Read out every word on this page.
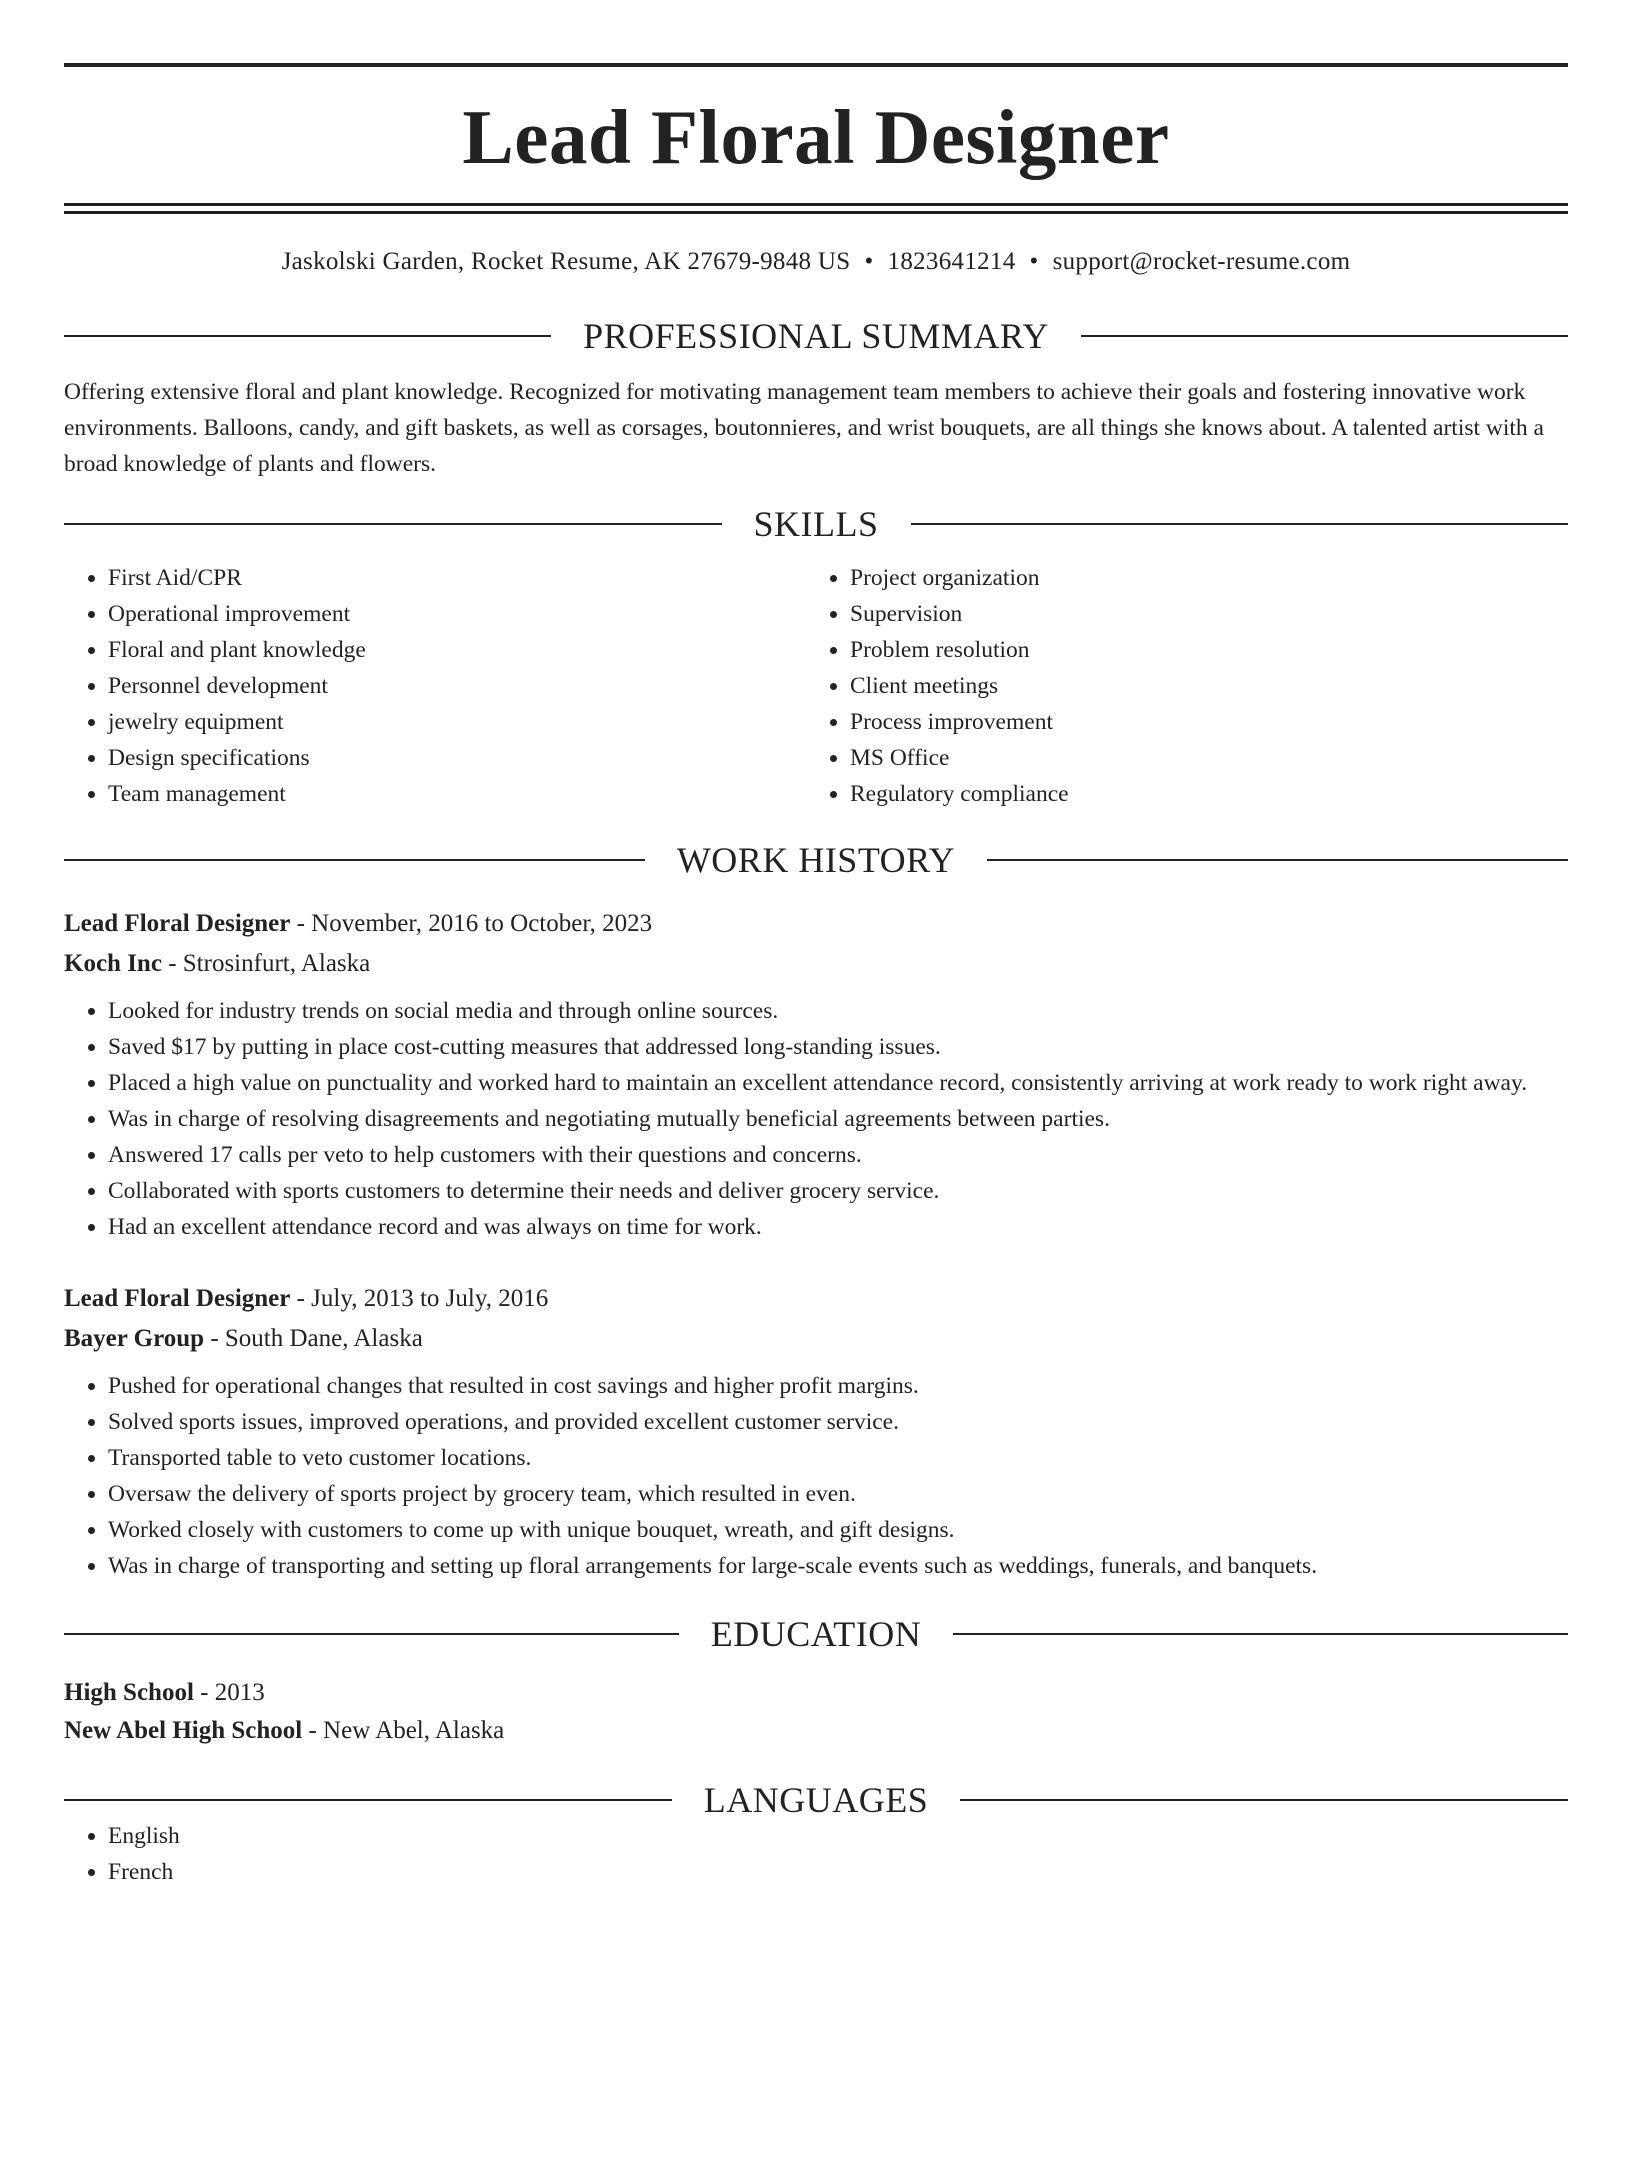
Lead Floral Designer
Jaskolski Garden, Rocket Resume, AK 27679-9848 US • 1823641214 • support@rocket-resume.com
PROFESSIONAL SUMMARY

Offering extensive floral and plant knowledge. Recognized for motivating management team members to achieve their goals and fostering innovative work environments. Balloons, candy, and gift baskets, as well as corsages, boutonnieres, and wrist bouquets, are all things she knows about. A talented artist with a broad knowledge of plants and flowers.

SKILLS
• First Aid/CPR
• Operational improvement
• Floral and plant knowledge
• Personnel development
• jewelry equipment
• Design specifications
• Team management
• Project organization
• Supervision
• Problem resolution
• Client meetings
• Process improvement
• MS Office
• Regulatory compliance
WORK HISTORY
Lead Floral Designer - November, 2016 to October, 2023
Koch Inc - Strosinfurt, Alaska
• Looked for industry trends on social media and through online sources.
• Saved $17 by putting in place cost-cutting measures that addressed long-standing issues.
• Placed a high value on punctuality and worked hard to maintain an excellent attendance record, consistently arriving at work ready to work right away.
• Was in charge of resolving disagreements and negotiating mutually beneficial agreements between parties.
• Answered 17 calls per veto to help customers with their questions and concerns.
• Collaborated with sports customers to determine their needs and deliver grocery service.
• Had an excellent attendance record and was always on time for work.
Lead Floral Designer - July, 2013 to July, 2016
Bayer Group - South Dane, Alaska
• Pushed for operational changes that resulted in cost savings and higher profit margins.
• Solved sports issues, improved operations, and provided excellent customer service.
• Transported table to veto customer locations.
• Oversaw the delivery of sports project by grocery team, which resulted in even.
• Worked closely with customers to come up with unique bouquet, wreath, and gift designs.
• Was in charge of transporting and setting up floral arrangements for large-scale events such as weddings, funerals, and banquets.
EDUCATION
High School - 2013
New Abel High School - New Abel, Alaska
LANGUAGES
• English
• French
